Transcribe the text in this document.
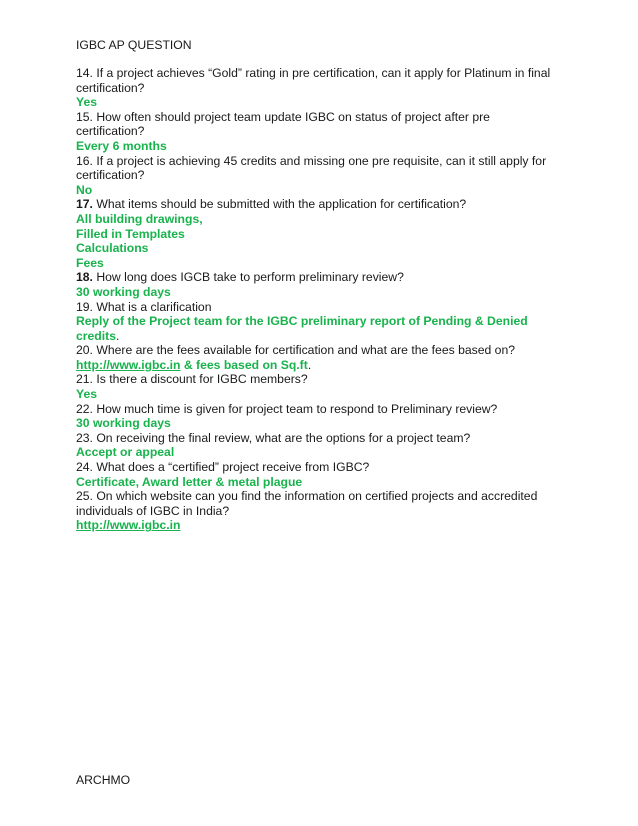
IGBC AP QUESTION
14. If a project achieves “Gold” rating in pre certification, can it apply for Platinum in final
certification?
Yes
15. How often should project team update IGBC on status of project after pre
certification?
Every 6 months
16. If a project is achieving 45 credits and missing one pre requisite, can it still apply for
certification?
No
17. What items should be submitted with the application for certification?
All building drawings,
Filled in Templates
Calculations
Fees
18. How long does IGCB take to perform preliminary review?
30 working days
19. What is a clarification
Reply of the Project team for the IGBC preliminary report of Pending & Denied
credits.
20. Where are the fees available for certification and what are the fees based on?
http://www.igbc.in & fees based on Sq.ft.
21. Is there a discount for IGBC members?
Yes
22. How much time is given for project team to respond to Preliminary review?
30 working days
23. On receiving the final review, what are the options for a project team?
Accept or appeal
24. What does a “certified” project receive from IGBC?
Certificate, Award letter & metal plague
25. On which website can you find the information on certified projects and accredited
individuals of IGBC in India?
http://www.igbc.in
ARCHMO
